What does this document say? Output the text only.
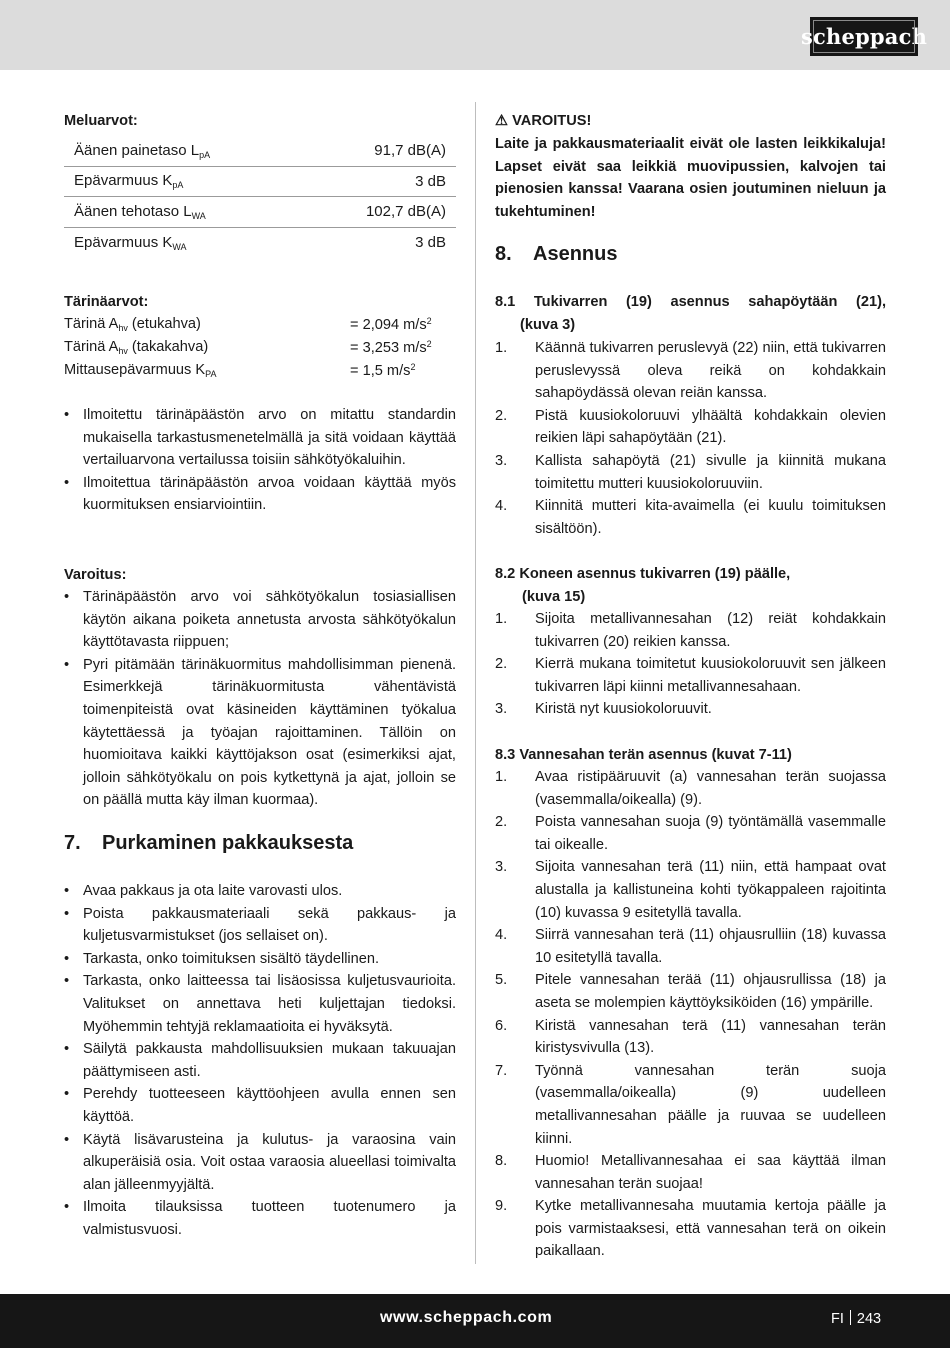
scheppach
Meluarvot:
Äänen painetaso $L_{pA}$	91,7 dB(A)
Epävarmuus $K_{pA}$	3 dB
Äänen tehotaso $L_{WA}$	102,7 dB(A)
Epävarmuus $K_{WA}$	3 dB
Tärinäarvot:
Tärinä $A_{hv}$ (etukahva)	= 2,094 $m/s^2$
Tärinä $A_{hv}$ (takakahva)	= 3,253 $m/s^2$
Mittausepävarmuus $K_{PA}$	= 1,5 $m/s^2$
• Ilmoitettu tärinäpäästön arvo on mitattu standardin mukaisella tarkastusmenetelmällä ja sitä voidaan käyttää vertailuarvona vertailussa toisiin sähkötyökaluihin.
• Ilmoitettua tärinäpäästön arvoa voidaan käyttää myös kuormituksen ensiarviointiin.
Varoitus:
• Tärinäpäästön arvo voi sähkötyökalun tosiasiallisen käytön aikana poiketa annetusta arvosta sähkötyökalun käyttötavasta riippuen;
• Pyri pitämään tärinäkuormitus mahdollisimman pienenä. Esimerkkejä tärinäkuormitusta vähentävistä toimenpiteistä ovat käsineiden käyttäminen työkalua käytettäessä ja työajan rajoittaminen. Tällöin on huomioitava kaikki käyttöjakson osat (esimerkiksi ajat, jolloin sähkötyökalu on pois kytkettynä ja ajat, jolloin se on päällä mutta käy ilman kuormaa).
7.	Purkaminen pakkauksesta
• Avaa pakkaus ja ota laite varovasti ulos.
• Poista pakkausmateriaali sekä pakkaus- ja kuljetusvarmistukset (jos sellaiset on).
• Tarkasta, onko toimituksen sisältö täydellinen.
• Tarkasta, onko laitteessa tai lisäosissa kuljetusvaurioita. Valitukset on annettava heti kuljettajan tiedoksi. Myöhemmin tehtyjä reklamaatioita ei hyväksytä.
• Säilytä pakkausta mahdollisuuksien mukaan takuuajan päättymiseen asti.
• Perehdy tuotteeseen käyttöohjeen avulla ennen sen käyttöä.
• Käytä lisävarusteina ja kulutus- ja varaosina vain alkuperäisiä osia. Voit ostaa varaosia alueellasi toimivalta alan jälleenmyyjältä.
• Ilmoita tilauksissa tuotteen tuotenumero ja valmistusvuosi.
⚠ VAROITUS!
Laite ja pakkausmateriaalit eivät ole lasten leikkikaluja! Lapset eivät saa leikkiä muovipussien, kalvojen tai pienosien kanssa! Vaarana osien joutuminen nieluun ja tukehtuminen!
8.	Asennus
8.1 Tukivarren (19) asennus sahapöytään (21),
(kuva 3)
1. Käännä tukivarren peruslevyä (22) niin, että tukivarren peruslevyssä oleva reikä on kohdakkain sahapöydässä olevan reiän kanssa.
2. Pistä kuusiokoloruuvi ylhäältä kohdakkain olevien reikien läpi sahapöytään (21).
3. Kallista sahapöytä (21) sivulle ja kiinnitä mukana toimitettu mutteri kuusiokoloruuviin.
4. Kiinnitä mutteri kita-avaimella (ei kuulu toimituksen sisältöön).
8.2 Koneen asennus tukivarren (19) päälle,
(kuva 15)
1. Sijoita metallivannesahan (12) reiät kohdakkain tukivarren (20) reikien kanssa.
2. Kierrä mukana toimitetut kuusiokoloruuvit sen jälkeen tukivarren läpi kiinni metallivannesahaan.
3. Kiristä nyt kuusiokoloruuvit.
8.3 Vannesahan terän asennus (kuvat 7-11)
1. Avaa ristipääruuvit (a) vannesahan terän suojassa (vasemmalla/oikealla) (9).
2. Poista vannesahan suoja (9) työntämällä vasemmalle tai oikealle.
3. Sijoita vannesahan terä (11) niin, että hampaat ovat alustalla ja kallistuneina kohti työkappaleen rajoitinta (10) kuvassa 9 esitetyllä tavalla.
4. Siirrä vannesahan terä (11) ohjausrulliin (18) kuvassa 10 esitetyllä tavalla.
5. Pitele vannesahan terää (11) ohjausrullissa (18) ja aseta se molempien käyttöyksiköiden (16) ympärille.
6. Kiristä vannesahan terä (11) vannesahan terän kiristysvivulla (13).
7. Työnnä vannesahan terän suoja (vasemmalla/oikealla) (9) uudelleen metallivannesahan päälle ja ruuvaa se uudelleen kiinni.
8. Huomio! Metallivannesahaa ei saa käyttää ilman vannesahan terän suojaa!
9. Kytke metallivannesaha muutamia kertoja päälle ja pois varmistaaksesi, että vannesahan terä on oikein paikallaan.
www.scheppach.com	FI 243
